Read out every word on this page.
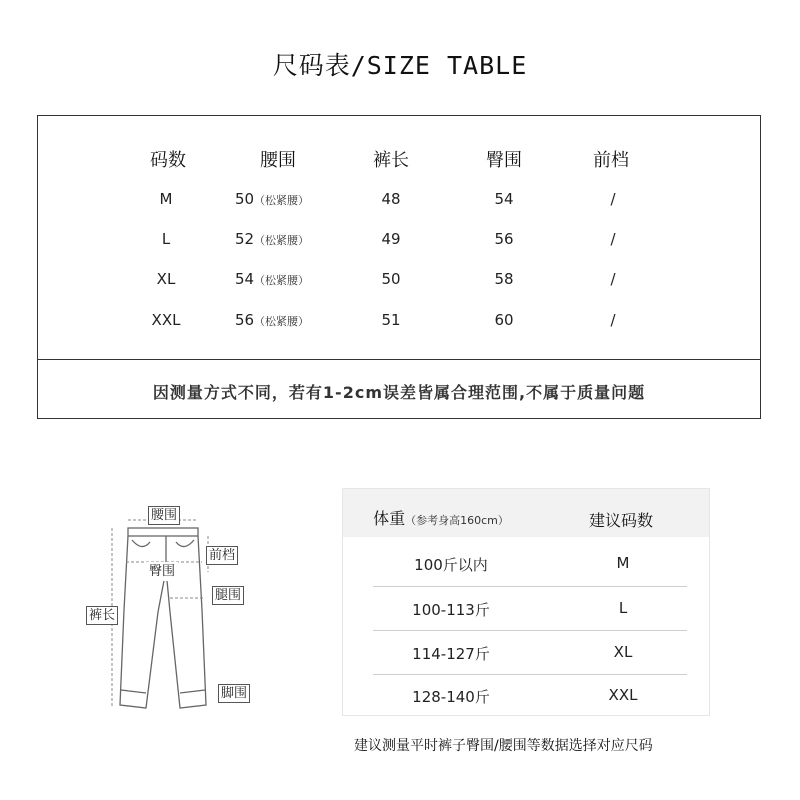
尺码表/SIZE TABLE
码数	腰围	裤长	臀围	前档
M	50（松紧腰）	48	54	/
L	52（松紧腰）	49	56	/
XL	54（松紧腰）	50	58	/
XXL	56（松紧腰）	51	60	/
因测量方式不同，若有1-2cm误差皆属合理范围,不属于质量问题
腰围
前档
臀围
裤长
腿围
脚围
体重（参考身高160cm）	建议码数
100斤以内	M
100-113斤	L
114-127斤	XL
128-140斤	XXL
建议测量平时裤子臀围/腰围等数据选择对应尺码
